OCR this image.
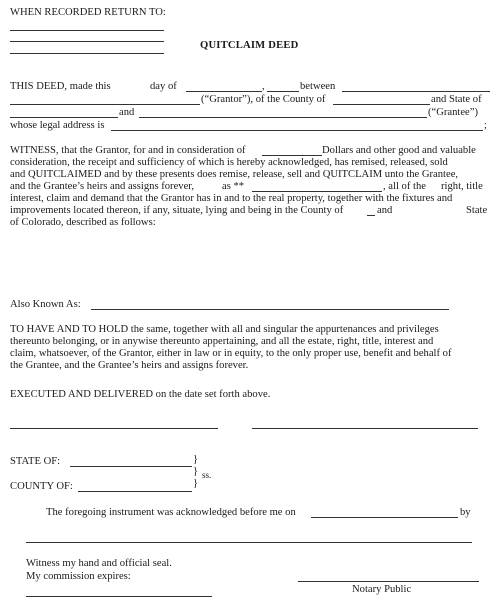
WHEN RECORDED RETURN TO:
QUITCLAIM DEED
THIS DEED, made this	day of	,	between
(“Grantor”), of the County of	and State of
and	(“Grantee”)
whose legal address is	;
WITNESS, that the Grantor, for and in consideration of	Dollars and other good and valuable
consideration, the receipt and sufficiency of which is hereby acknowledged, has remised, released, sold
and QUITCLAIMED and by these presents does remise, release, sell and QUITCLAIM unto the Grantee,
and the Grantee’s heirs and assigns forever,	as **	, all of the right, title
interest, claim and demand that the Grantor has in and to the real property, together with the fixtures and
improvements located thereon, if any, situate, lying and being in the County of	and	State
of Colorado, described as follows:
Also Known As:
TO HAVE AND TO HOLD the same, together with all and singular the appurtenances and privileges
thereunto belonging, or in anywise thereunto appertaining, and all the estate, right, title, interest and
claim, whatsoever, of the Grantor, either in law or in equity, to the only proper use, benefit and behalf of
the Grantee, and the Grantee’s heirs and assigns forever.
EXECUTED AND DELIVERED on the date set forth above.
STATE OF:	}
} ss.
}
COUNTY OF:
The foregoing instrument was acknowledged before me on	by
Witness my hand and official seal.
My commission expires:
Notary Public
